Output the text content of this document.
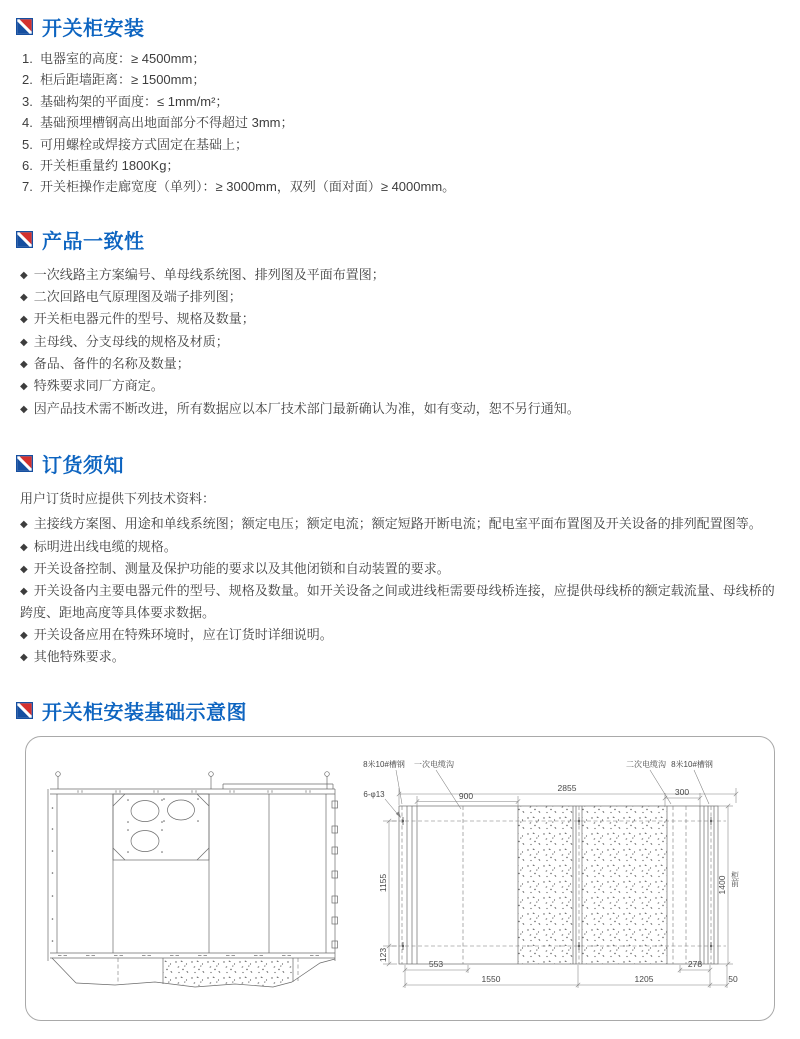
开关柜安装
1. 电器室的高度：≥ 4500mm；
2. 柜后距墙距离：≥ 1500mm；
3. 基础构架的平面度：≤ 1mm/m²；
4. 基础预埋槽钢高出地面部分不得超过 3mm；
5. 可用螺栓或焊接方式固定在基础上；
6. 开关柜重量约 1800Kg；
7. 开关柜操作走廊宽度（单列）：≥ 3000mm，双列（面对面）≥ 4000mm。
产品一致性
◆ 一次线路主方案编号、单母线系统图、排列图及平面布置图；
◆ 二次回路电气原理图及端子排列图；
◆ 开关柜电器元件的型号、规格及数量；
◆ 主母线、分支母线的规格及材质；
◆ 备品、备件的名称及数量；
◆ 特殊要求同厂方商定。
◆ 因产品技术需不断改进，所有数据应以本厂技术部门最新确认为准，如有变动，恕不另行通知。
订货须知
用户订货时应提供下列技术资料：
◆ 主接线方案图、用途和单线系统图；额定电压；额定电流；额定短路开断电流；配电室平面布置图及开关设备的排列配置图等。
◆ 标明进出线电缆的规格。
◆ 开关设备控制、测量及保护功能的要求以及其他闭锁和自动装置的要求。
◆ 开关设备内主要电器元件的型号、规格及数量。如开关设备之间或进线柜需要母线桥连接，应提供母线桥的额定载流量、母线桥的跨度、距地高度等具体要求数据。
◆ 开关设备应用在特殊环境时，应在订货时详细说明。
◆ 其他特殊要求。
开关柜安装基础示意图
8米10#槽钢 一次电缆沟	二次电缆沟 8米10#槽钢
6-φ13
2855
900	300
1155
123
1400 柜前
553	278
1550	1205	50
